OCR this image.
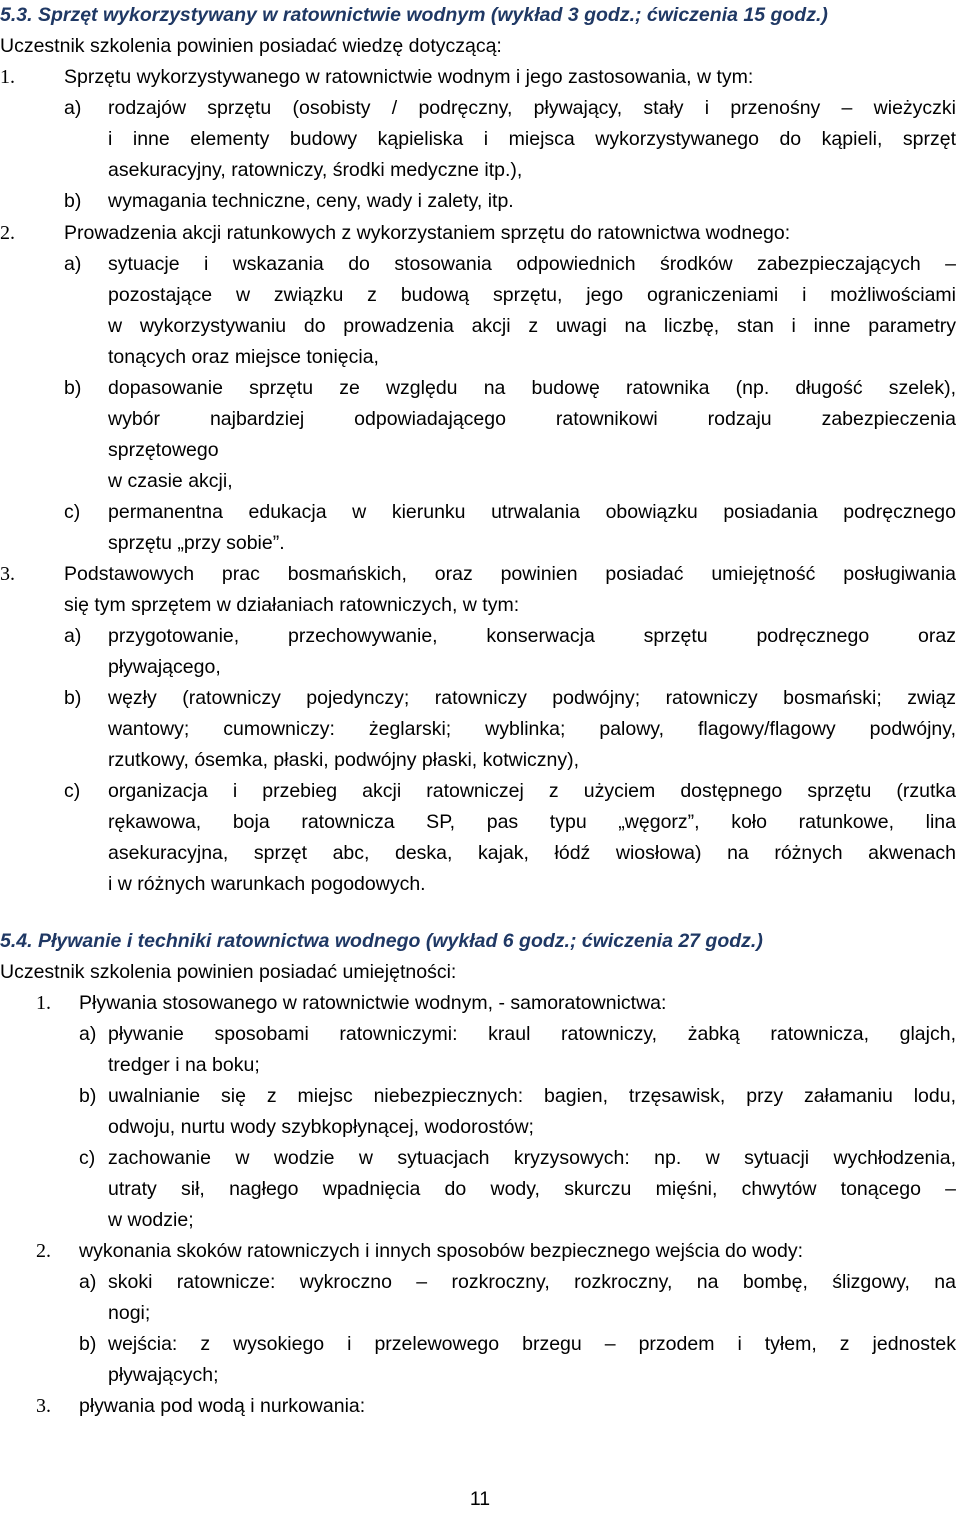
5.3. Sprzęt wykorzystywany w ratownictwie wodnym (wykład 3 godz.; ćwiczenia 15 godz.)
Uczestnik szkolenia powinien posiadać wiedzę dotyczącą:
1.	Sprzętu wykorzystywanego w ratownictwie wodnym i jego zastosowania, w tym:
a) rodzajów sprzętu (osobisty / podręczny, pływający, stały i przenośny – wieżyczki
i inne elementy budowy kąpieliska i miejsca wykorzystywanego do kąpieli, sprzęt
asekuracyjny, ratowniczy, środki medyczne itp.),
b) wymagania techniczne, ceny, wady i zalety, itp.
2.	Prowadzenia akcji ratunkowych z wykorzystaniem sprzętu do ratownictwa wodnego:
a) sytuacje i wskazania do stosowania odpowiednich środków zabezpieczających –
pozostające w związku z budową sprzętu, jego ograniczeniami i możliwościami
w wykorzystywaniu do prowadzenia akcji z uwagi na liczbę, stan i inne parametry
tonących oraz miejsce tonięcia,
b) dopasowanie sprzętu ze względu na budowę ratownika (np. długość szelek),
wybór najbardziej odpowiadającego ratownikowi rodzaju zabezpieczenia
sprzętowego
w czasie akcji,
c) permanentna edukacja w kierunku utrwalania obowiązku posiadania podręcznego
sprzętu „przy sobie”.
3.	Podstawowych prac bosmańskich, oraz powinien posiadać umiejętność posługiwania
się tym sprzętem w działaniach ratowniczych, w tym:
a) przygotowanie, przechowywanie, konserwacja sprzętu podręcznego oraz
pływającego,
b) węzły (ratowniczy pojedynczy; ratowniczy podwójny; ratowniczy bosmański; związ
wantowy; cumowniczy: żeglarski; wyblinka; palowy, flagowy/flagowy podwójny,
rzutkowy, ósemka, płaski, podwójny płaski, kotwiczny),
c) organizacja i przebieg akcji ratowniczej z użyciem dostępnego sprzętu (rzutka
rękawowa, boja ratownicza SP, pas typu „węgorz”, koło ratunkowe, lina
asekuracyjna, sprzęt abc, deska, kajak, łódź wiosłowa) na różnych akwenach
i w różnych warunkach pogodowych.
5.4. Pływanie i techniki ratownictwa wodnego (wykład 6 godz.; ćwiczenia 27 godz.)
Uczestnik szkolenia powinien posiadać umiejętności:
1. Pływania stosowanego w ratownictwie wodnym, - samoratownictwa:
a) pływanie sposobami ratowniczymi: kraul ratowniczy, żabką ratownicza, glajch,
tredger i na boku;
b) uwalnianie się z miejsc niebezpiecznych: bagien, trzęsawisk, przy załamaniu lodu,
odwoju, nurtu wody szybkopłynącej, wodorostów;
c) zachowanie w wodzie w sytuacjach kryzysowych: np. w sytuacji wychłodzenia,
utraty sił, nagłego wpadnięcia do wody, skurczu mięśni, chwytów tonącego –
w wodzie;
2. wykonania skoków ratowniczych i innych sposobów bezpiecznego wejścia do wody:
a) skoki ratownicze: wykroczno – rozkroczny, rozkroczny, na bombę, ślizgowy, na
nogi;
b) wejścia: z wysokiego i przelewowego brzegu – przodem i tyłem, z jednostek
pływających;
3. pływania pod wodą i nurkowania:
11
